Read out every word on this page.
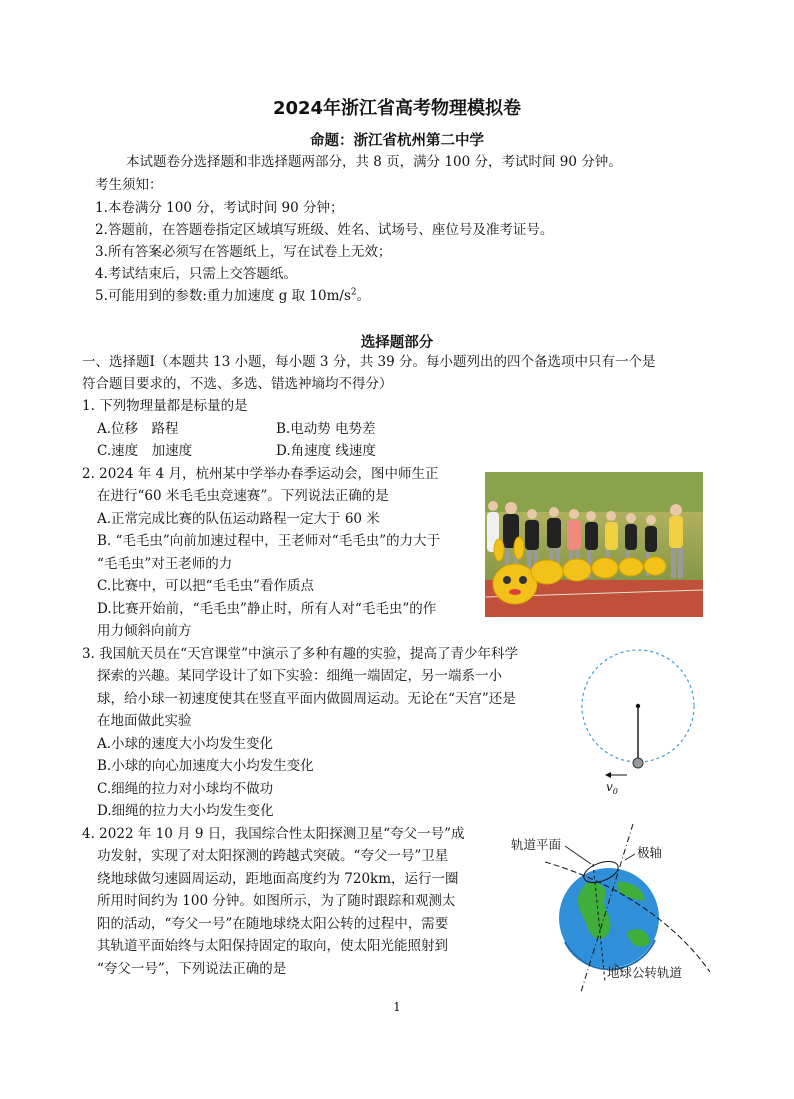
2024年浙江省高考物理模拟卷
命题：浙江省杭州第二中学
本试题卷分选择题和非选择题两部分，共 8 页，满分 100 分，考试时间 90 分钟。
考生须知：
1.本卷满分 100 分，考试时间 90 分钟；
2.答题前，在答题卷指定区域填写班级、姓名、试场号、座位号及准考证号。
3.所有答案必须写在答题纸上，写在试卷上无效；
4.考试结束后，只需上交答题纸。
5.可能用到的参数:重力加速度 g 取 $10m/s^2$。
选择题部分
一、选择题I（本题共 13 小题，每小题 3 分，共 39 分。每小题列出的四个备选项中只有一个是
符合题目要求的，不选、多选、错选衶墒均不得分）
1. 下列物理量都是标量的是
A.位移　路程	B.电动势 电势差
C.速度　加速度	D.角速度 线速度
2. 2024 年 4 月，杭州某中学举办春季运动会，图中师生正
在进行“60 米毛毛虫竞速赛”。下列说法正确的是
A.正常完成比赛的队伍运动路程一定大于 60 米
B. “毛毛虫”向前加速过程中，王老师对“毛毛虫”的力大于
“毛毛虫”对王老师的力
C.比赛中，可以把“毛毛虫”看作质点
D.比赛开始前，“毛毛虫”静止时，所有人对“毛毛虫”的作
用力倾斜向前方
3. 我国航天员在“天宫课堂”中演示了多种有趣的实验，提高了青少年科学
探索的兴趣。某同学设计了如下实验：细绳一端固定，另一端系一小
球，给小球一初速度使其在竖直平面内做圆周运动。无论在“天宫”还是
在地面做此实验
A.小球的速度大小均发生变化
B.小球的向心加速度大小均发生变化
C.细绳的拉力对小球均不做功
D.细绳的拉力大小均发生变化
$v_0$
4. 2022 年 10 月 9 日，我国综合性太阳探测卫星“夸父一号”成
功发射，实现了对太阳探测的跨越式突破。“夸父一号”卫星
绕地球做匀速圆周运动，距地面高度约为 720km，运行一圈
所用时间约为 100 分钟。如图所示，为了随时跟踪和观测太
阳的活动，“夸父一号”在随地球绕太阳公转的过程中，需要
其轨道平面始终与太阳保持固定的取向，使太阳光能照射到
“夸父一号”，下列说法正确的是
轨道平面
极轴
地球公转轨道
1
